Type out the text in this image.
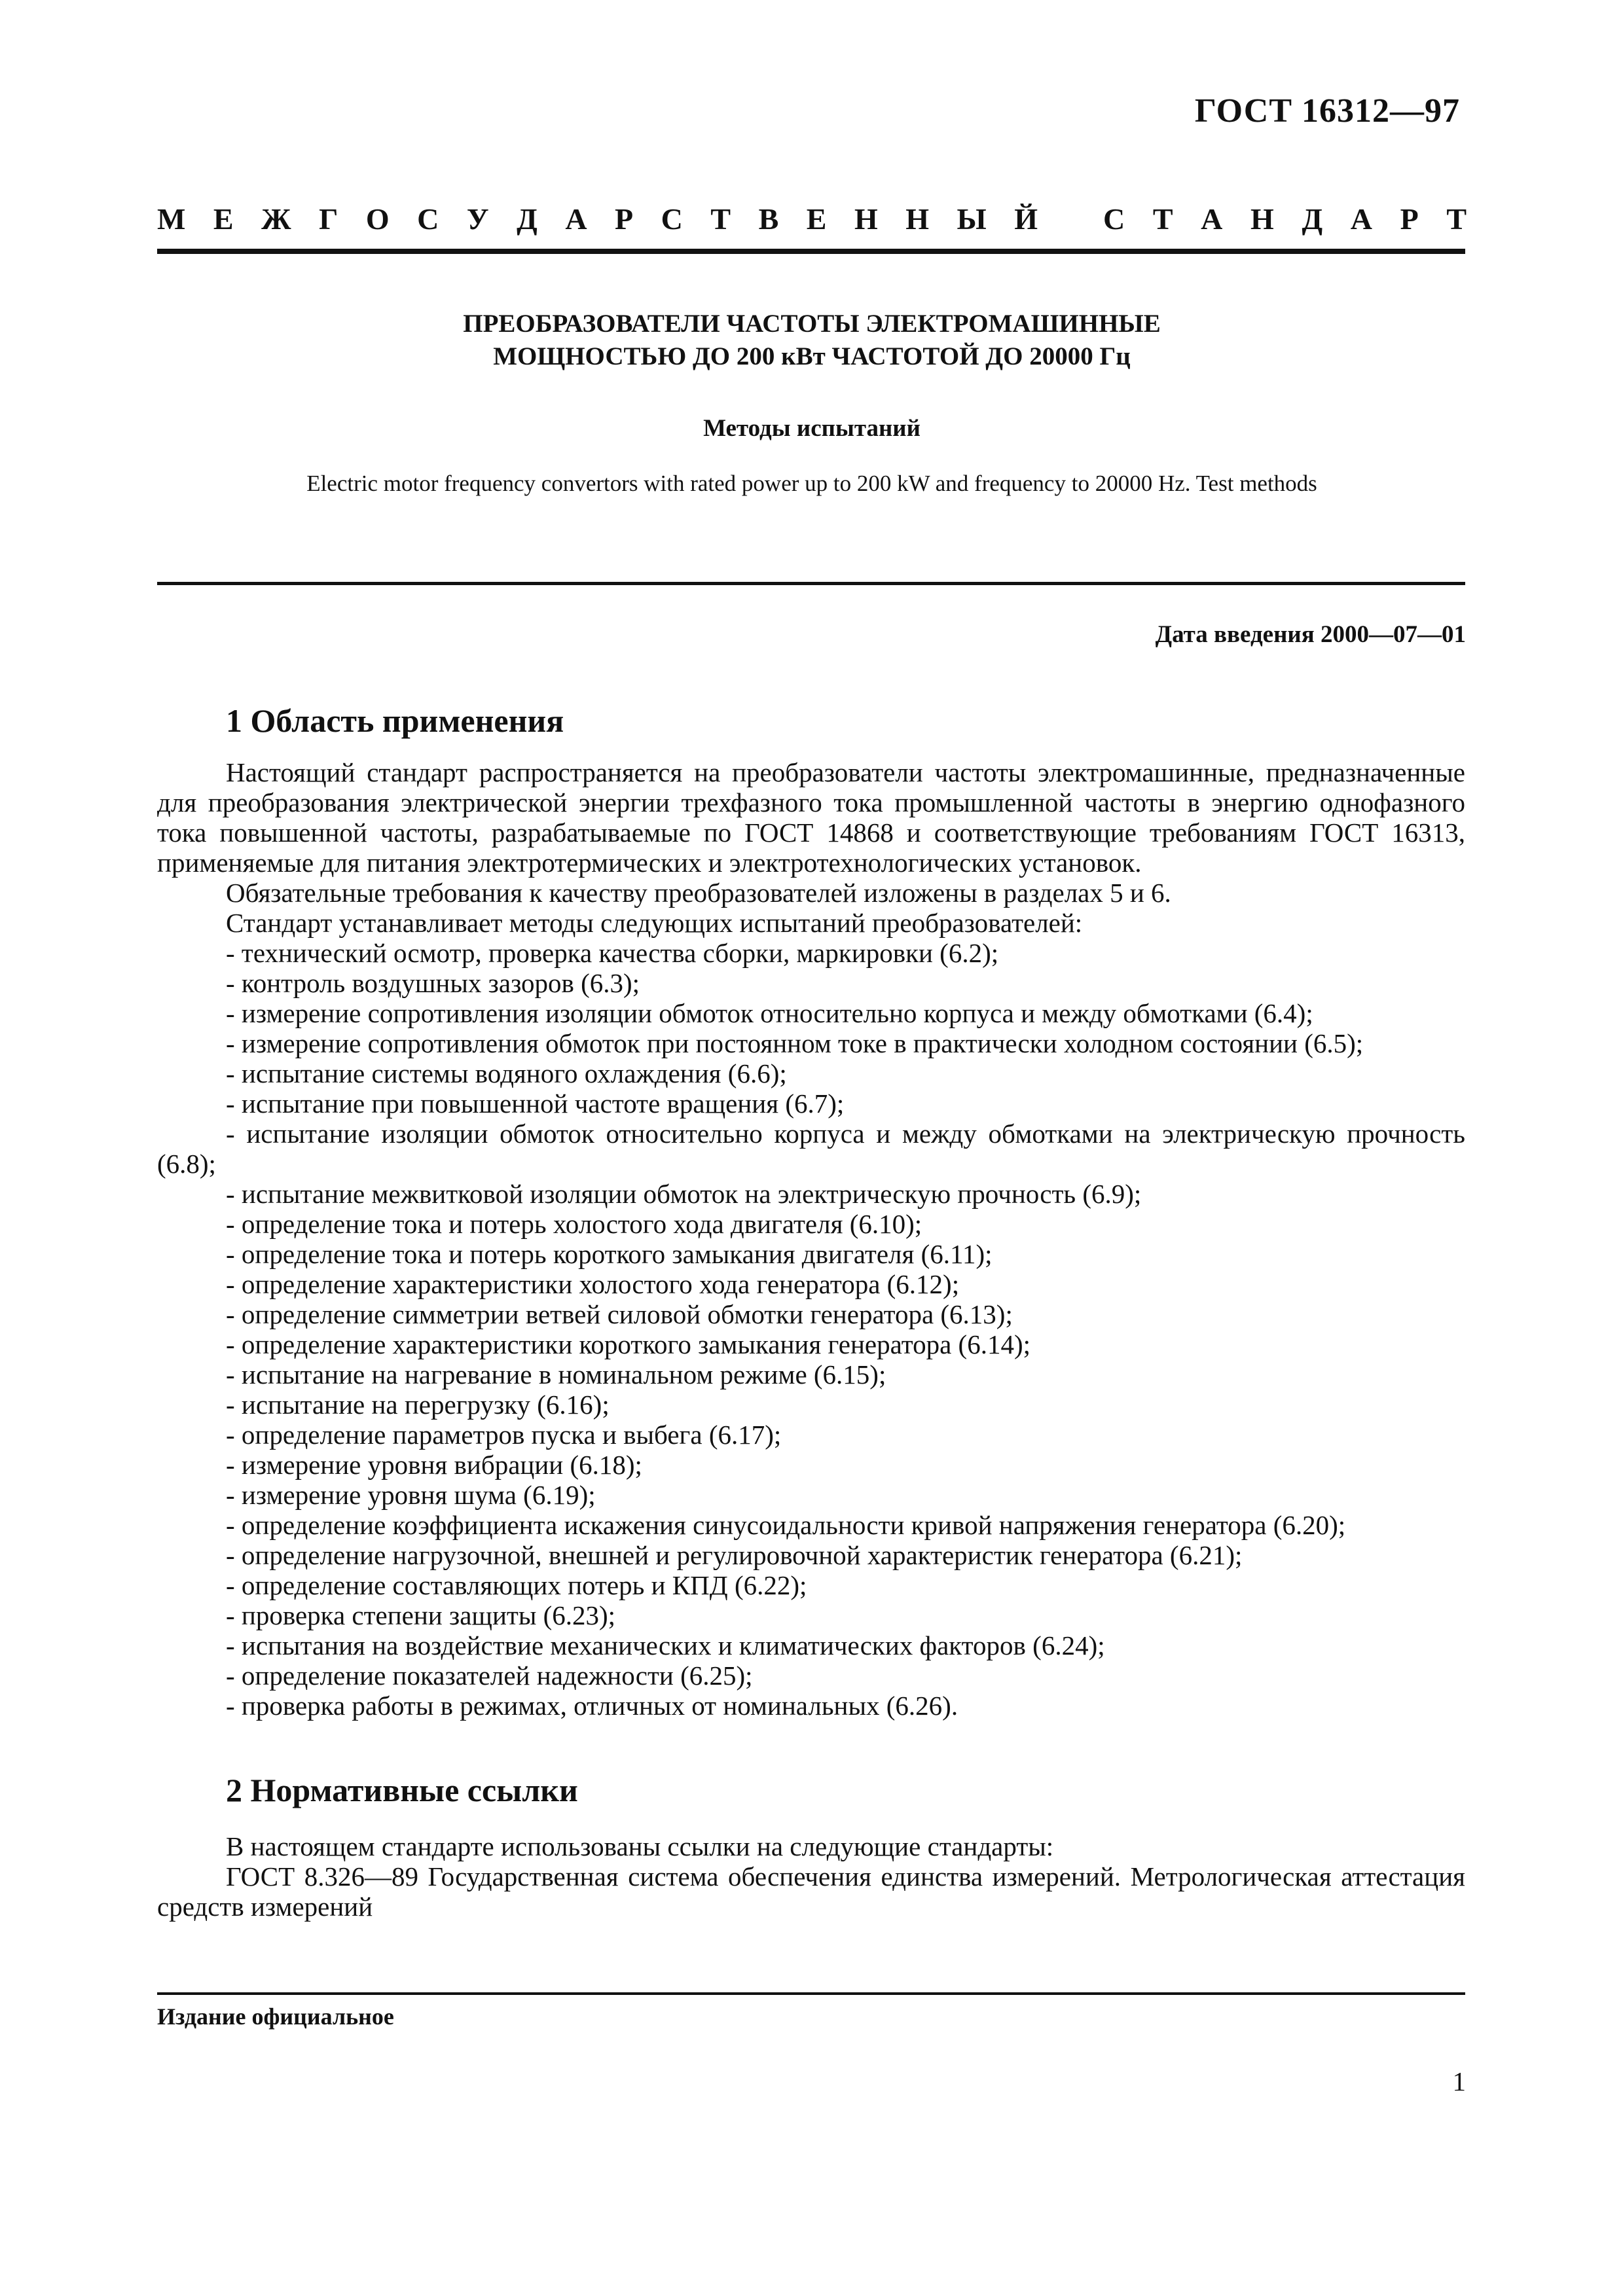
ГОСТ 16312—97
М Е Ж Г О С У Д А Р С Т В Е Н Н Ы Й С Т А Н Д А Р Т
ПРЕОБРАЗОВАТЕЛИ ЧАСТОТЫ ЭЛЕКТРОМАШИННЫЕ
МОЩНОСТЬЮ ДО 200 кВт ЧАСТОТОЙ ДО 20000 Гц
Методы испытаний
Electric motor frequency convertors with rated power up to 200 kW and frequency to 20000 Hz. Test methods
Дата введения 2000—07—01
1 Область применения
Настоящий стандарт распространяется на преобразователи частоты электромашинные, предназначенные для преобразования электрической энергии трехфазного тока промышленной частоты в энергию однофазного тока повышенной частоты, разрабатываемые по ГОСТ 14868 и соответствующие требованиям ГОСТ 16313, применяемые для питания электротермических и электротехнологических установок.
Обязательные требования к качеству преобразователей изложены в разделах 5 и 6.
Стандарт устанавливает методы следующих испытаний преобразователей:
- технический осмотр, проверка качества сборки, маркировки (6.2);
- контроль воздушных зазоров (6.3);
- измерение сопротивления изоляции обмоток относительно корпуса и между обмотками (6.4);
- измерение сопротивления обмоток при постоянном токе в практически холодном состоянии (6.5);
- испытание системы водяного охлаждения (6.6);
- испытание при повышенной частоте вращения (6.7);
- испытание изоляции обмоток относительно корпуса и между обмотками на электрическую прочность (6.8);
- испытание межвитковой изоляции обмоток на электрическую прочность (6.9);
- определение тока и потерь холостого хода двигателя (6.10);
- определение тока и потерь короткого замыкания двигателя (6.11);
- определение характеристики холостого хода генератора (6.12);
- определение симметрии ветвей силовой обмотки генератора (6.13);
- определение характеристики короткого замыкания генератора (6.14);
- испытание на нагревание в номинальном режиме (6.15);
- испытание на перегрузку (6.16);
- определение параметров пуска и выбега (6.17);
- измерение уровня вибрации (6.18);
- измерение уровня шума (6.19);
- определение коэффициента искажения синусоидальности кривой напряжения генератора (6.20);
- определение нагрузочной, внешней и регулировочной характеристик генератора (6.21);
- определение составляющих потерь и КПД (6.22);
- проверка степени защиты (6.23);
- испытания на воздействие механических и климатических факторов (6.24);
- определение показателей надежности (6.25);
- проверка работы в режимах, отличных от номинальных (6.26).
2 Нормативные ссылки
В настоящем стандарте использованы ссылки на следующие стандарты:
ГОСТ 8.326—89 Государственная система обеспечения единства измерений. Метрологическая аттестация средств измерений
Издание официальное
1
